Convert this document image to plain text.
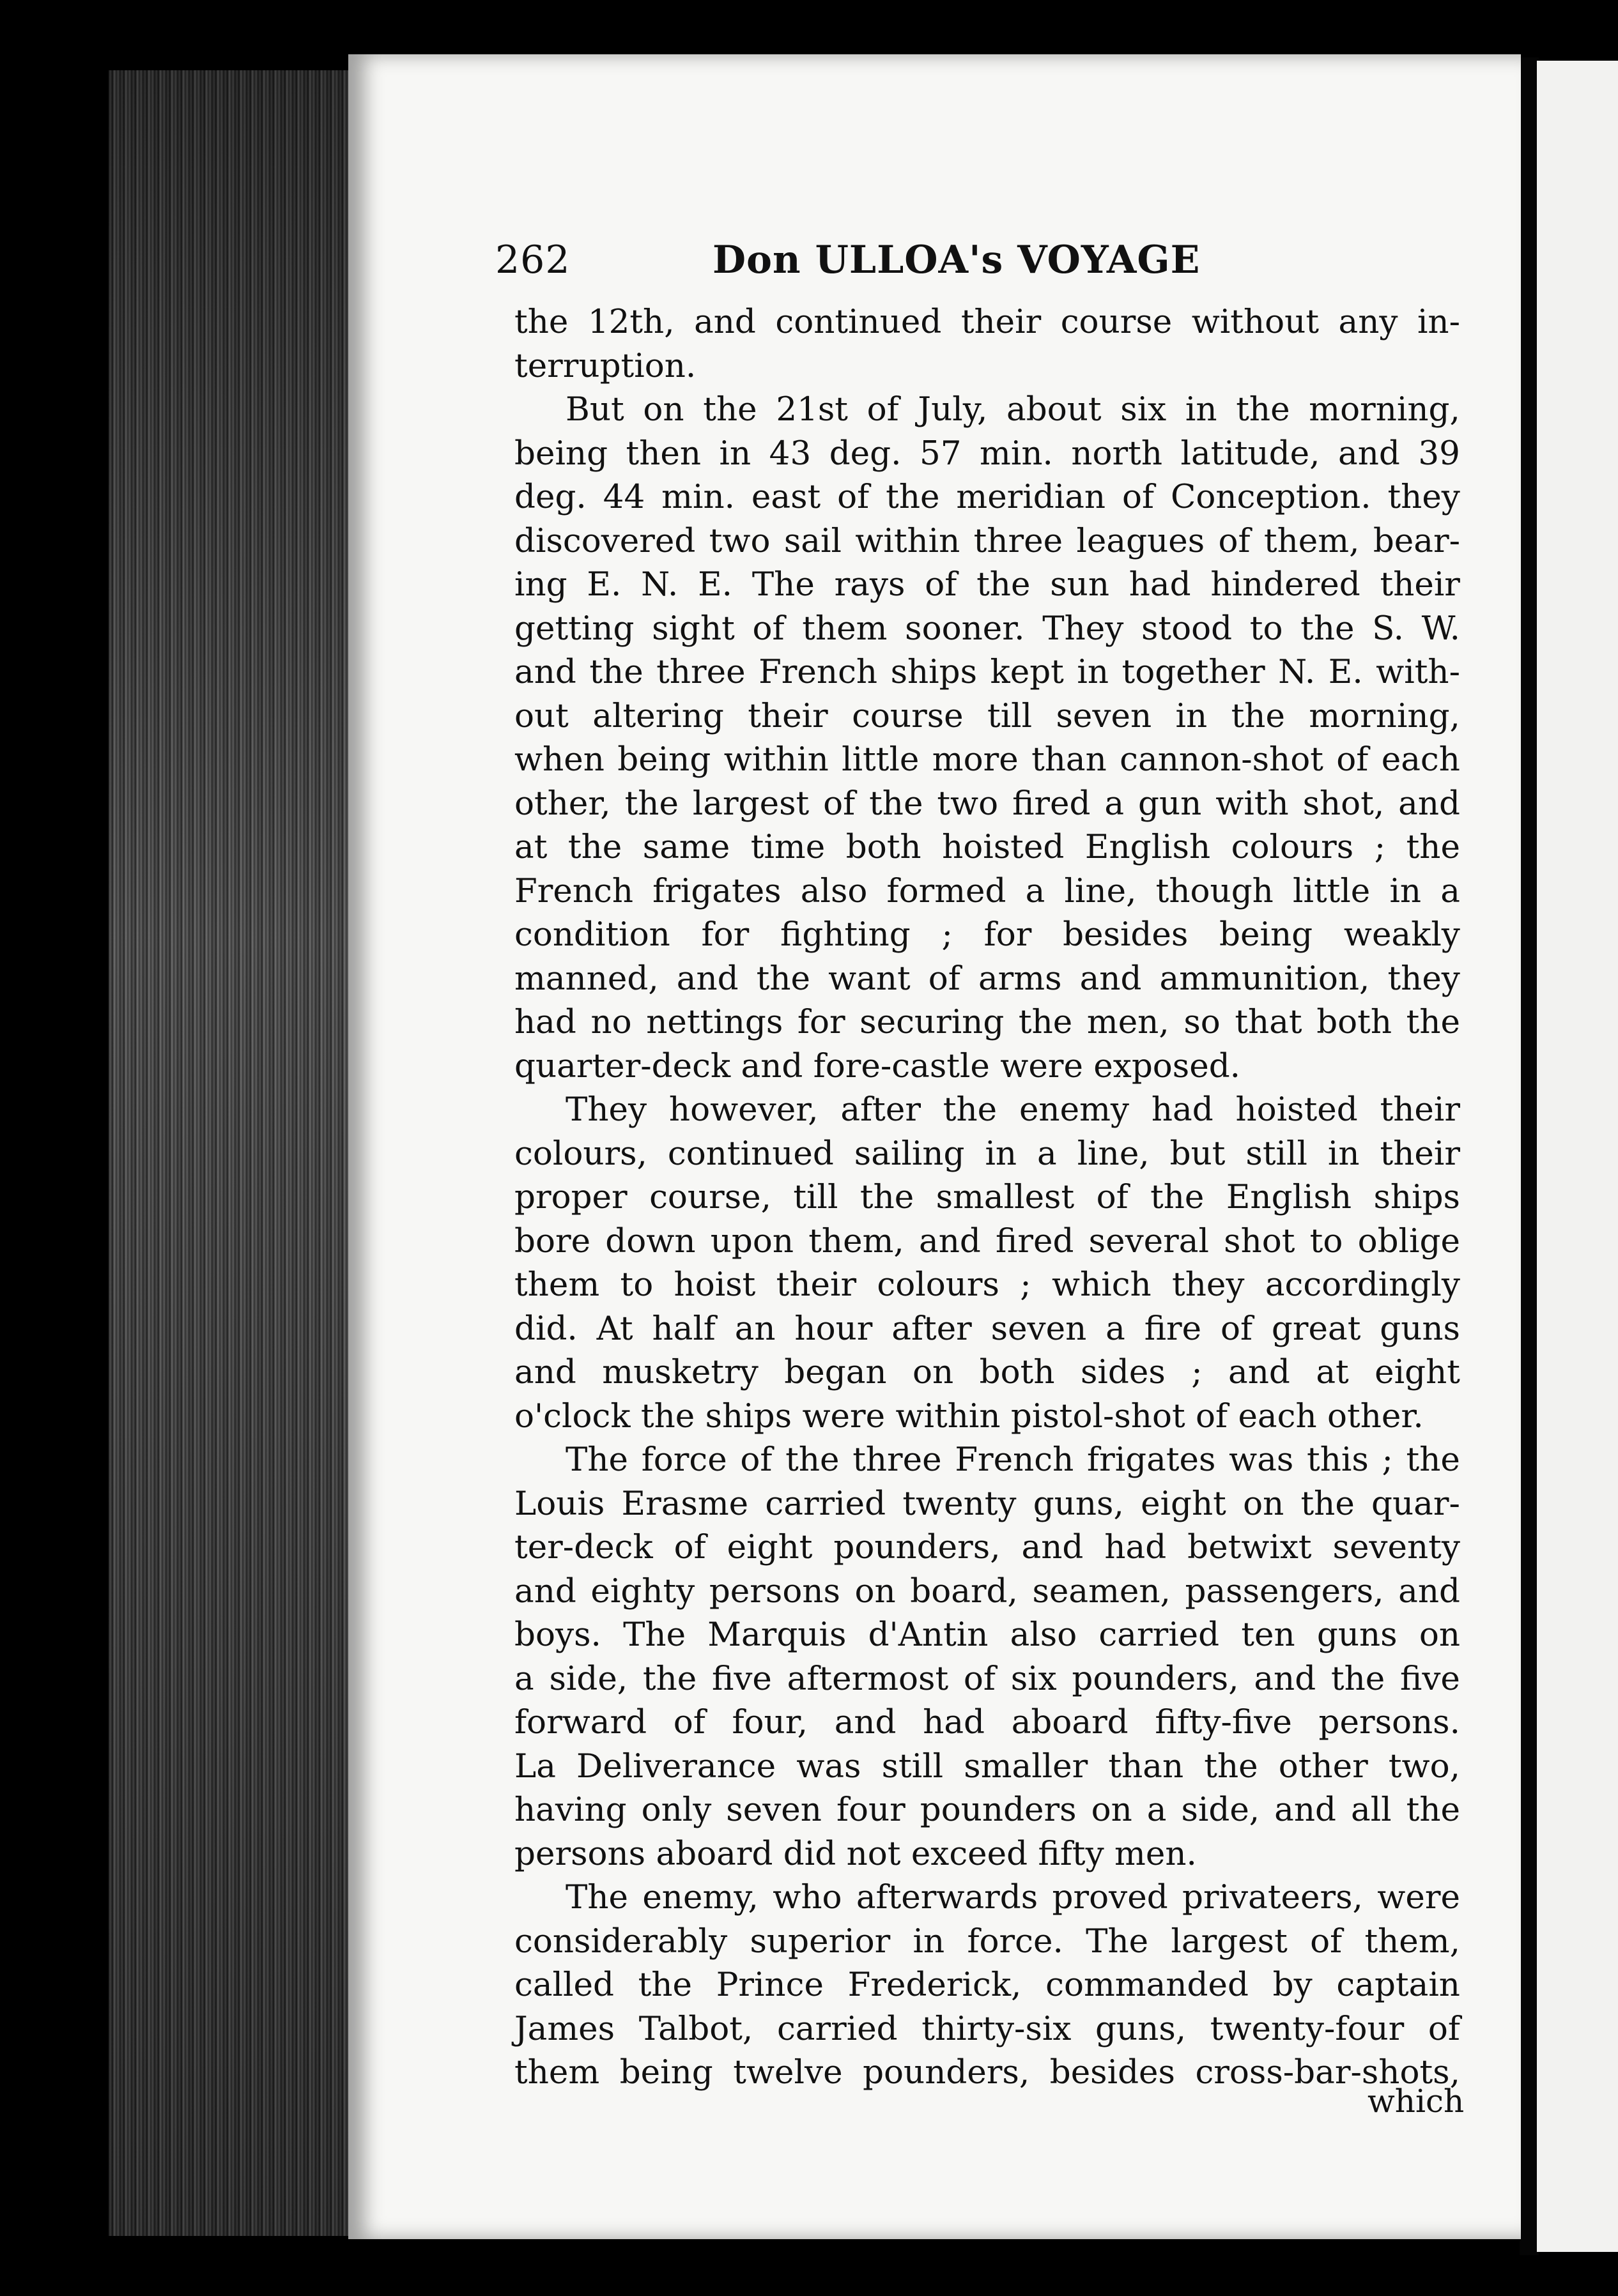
262	Don ULLOA's VOYAGE
the 12th, and continued their course without any in-
terruption.
But on the 21st of July, about six in the morning,
being then in 43 deg. 57 min. north latitude, and 39
deg. 44 min. east of the meridian of Conception. they
discovered two sail within three leagues of them, bear-
ing E. N. E. The rays of the sun had hindered their
getting sight of them sooner. They stood to the S. W.
and the three French ships kept in together N. E. with-
out altering their course till seven in the morning,
when being within little more than cannon-shot of each
other, the largest of the two fired a gun with shot, and
at the same time both hoisted English colours ; the
French frigates also formed a line, though little in a
condition for fighting ; for besides being weakly
manned, and the want of arms and ammunition, they
had no nettings for securing the men, so that both the
quarter-deck and fore-castle were exposed.
They however, after the enemy had hoisted their
colours, continued sailing in a line, but still in their
proper course, till the smallest of the English ships
bore down upon them, and fired several shot to oblige
them to hoist their colours ; which they accordingly
did. At half an hour after seven a fire of great guns
and musketry began on both sides ; and at eight
o'clock the ships were within pistol-shot of each other.
The force of the three French frigates was this ; the
Louis Erasme carried twenty guns, eight on the quar-
ter-deck of eight pounders, and had betwixt seventy
and eighty persons on board, seamen, passengers, and
boys. The Marquis d'Antin also carried ten guns on
a side, the five aftermost of six pounders, and the five
forward of four, and had aboard fifty-five persons.
La Deliverance was still smaller than the other two,
having only seven four pounders on a side, and all the
persons aboard did not exceed fifty men.
The enemy, who afterwards proved privateers, were
considerably superior in force. The largest of them,
called the Prince Frederick, commanded by captain
James Talbot, carried thirty-six guns, twenty-four of
them being twelve pounders, besides cross-bar-shots,
which
